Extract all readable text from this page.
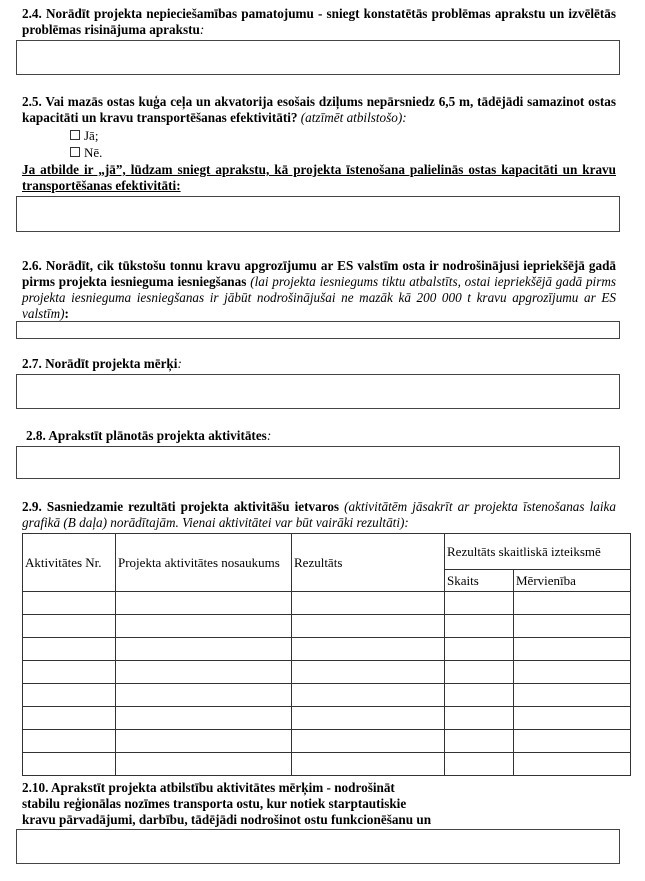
2.4. Norādīt projekta nepieciešamības pamatojumu - sniegt konstatētās problēmas aprakstu un izvēlētās problēmas risinājuma aprakstu:
2.5. Vai mazās ostas kuģa ceļa un akvatorija esošais dziļums nepārsniedz 6,5 m, tādējādi samazinot ostas kapacitāti un kravu transportēšanas efektivitāti? (atzīmēt atbilstošo):
Jā;
Nē.
Ja atbilde ir „jā”, lūdzam sniegt aprakstu, kā projekta īstenošana palielinās ostas kapacitāti un kravu transportēšanas efektivitāti:
2.6. Norādīt, cik tūkstošu tonnu kravu apgrozījumu ar ES valstīm osta ir nodrošinājusi iepriekšējā gadā pirms projekta iesnieguma iesniegšanas (lai projekta iesniegums tiktu atbalstīts, ostai iepriekšējā gadā pirms projekta iesnieguma iesniegšanas ir jābūt nodrošinājušai ne mazāk kā 200 000 t kravu apgrozījumu ar ES valstīm):
2.7. Norādīt projekta mērķi:
2.8. Aprakstīt plānotās projekta aktivitātes:
2.9. Sasniedzamie rezultāti projekta aktivitāšu ietvaros (aktivitātēm jāsakrīt ar projekta īstenošanas laika grafikā (B daļa) norādītajām. Vienai aktivitātei var būt vairāki rezultāti):
Aktivitātes Nr.	Projekta aktivitātes nosaukums	Rezultāts	Rezultāts skaitliskā izteiksmē	
			Skaits	Mērvienība

2.10. Aprakstīt projekta atbilstību aktivitātes mērķim - nodrošināt stabilu reģionālas nozīmes transporta ostu, kur notiek starptautiskie kravu pārvadājumi, darbību, tādējādi nodrošinot ostu funkcionēšanu un
